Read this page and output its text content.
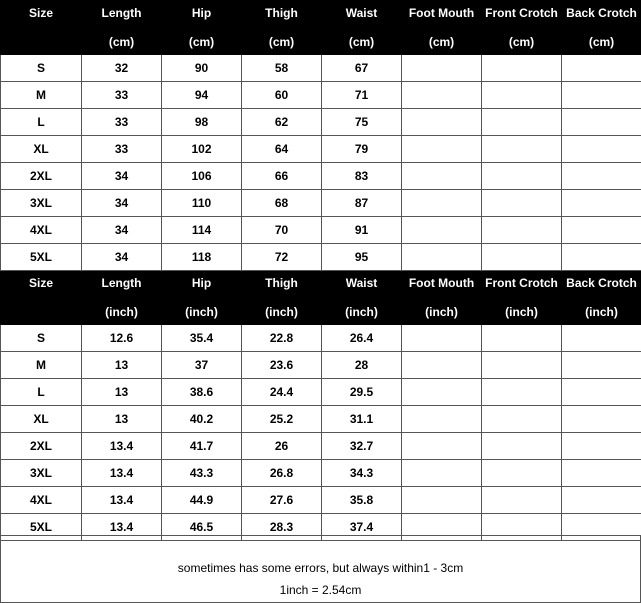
Size	Length	Hip	Thigh	Waist	Foot Mouth	Front Crotch	Back Crotch
	(cm)	(cm)	(cm)	(cm)	(cm)	(cm)	(cm)
S	32	90	58	67			
M	33	94	60	71			
L	33	98	62	75			
XL	33	102	64	79			
2XL	34	106	66	83			
3XL	34	110	68	87			
4XL	34	114	70	91			
5XL	34	118	72	95			
Size	Length	Hip	Thigh	Waist	Foot Mouth	Front Crotch	Back Crotch
	(inch)	(inch)	(inch)	(inch)	(inch)	(inch)	(inch)
S	12.6	35.4	22.8	26.4			
M	13	37	23.6	28			
L	13	38.6	24.4	29.5			
XL	13	40.2	25.2	31.1			
2XL	13.4	41.7	26	32.7			
3XL	13.4	43.3	26.8	34.3			
4XL	13.4	44.9	27.6	35.8			
5XL	13.4	46.5	28.3	37.4			
sometimes has some errors, but always within1 - 3cm
1inch = 2.54cm
